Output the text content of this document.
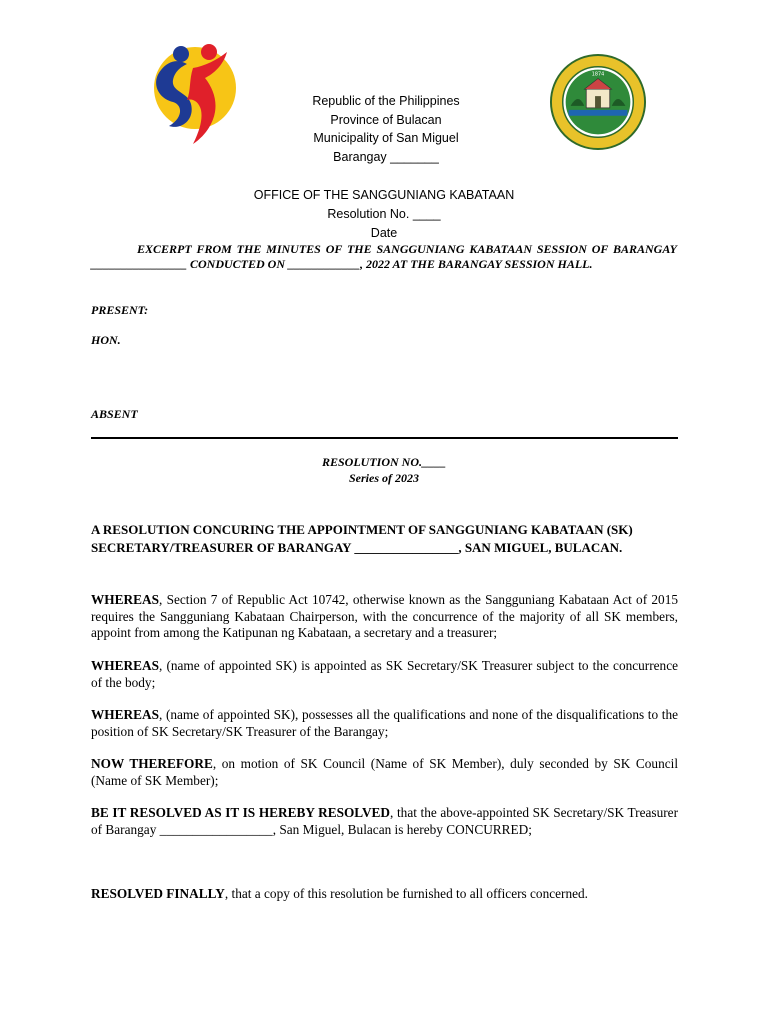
1874
Republic of the Philippines
Province of Bulacan
Municipality of San Miguel
Barangay _______
OFFICE OF THE SANGGUNIANG KABATAAN
Resolution No. ____
Date
EXCERPT FROM THE MINUTES OF THE SANGGUNIANG KABATAAN SESSION OF BARANGAY ________________ CONDUCTED ON ____________, 2022 AT THE BARANGAY SESSION HALL.
PRESENT:
HON.
ABSENT
RESOLUTION NO.____
Series of 2023
A RESOLUTION CONCURING THE APPOINTMENT OF SANGGUNIANG KABATAAN (SK) SECRETARY/TREASURER OF BARANGAY ________________, SAN MIGUEL, BULACAN.
WHEREAS, Section 7 of Republic Act 10742, otherwise known as the Sangguniang Kabataan Act of 2015 requires the Sangguniang Kabataan Chairperson, with the concurrence of the majority of all SK members, appoint from among the Katipunan ng Kabataan, a secretary and a treasurer;
WHEREAS, (name of appointed SK) is appointed as SK Secretary/SK Treasurer subject to the concurrence of the body;
WHEREAS, (name of appointed SK), possesses all the qualifications and none of the disqualifications to the position of SK Secretary/SK Treasurer of the Barangay;
NOW THEREFORE, on motion of SK Council (Name of SK Member), duly seconded by SK Council (Name of SK Member);
BE IT RESOLVED AS IT IS HEREBY RESOLVED, that the above-appointed SK Secretary/SK Treasurer of Barangay _________________, San Miguel, Bulacan is hereby CONCURRED;
RESOLVED FINALLY, that a copy of this resolution be furnished to all officers concerned.
